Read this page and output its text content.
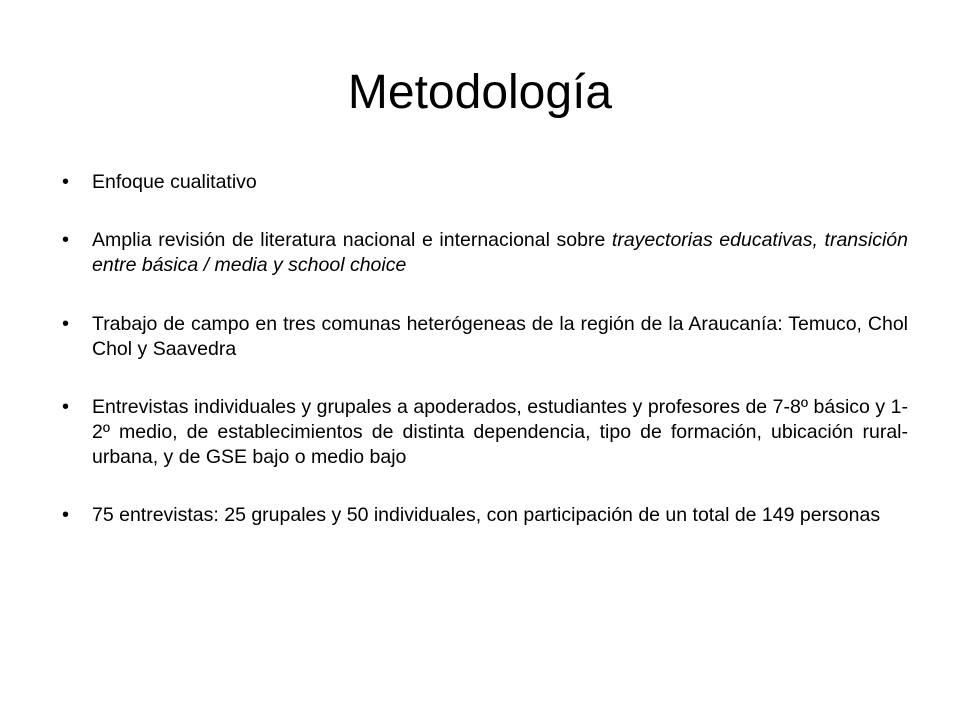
Metodología
•	Enfoque cualitativo
•	Amplia revisión de literatura nacional e internacional sobre trayectorias educativas, transición entre básica / media y school choice
•	Trabajo de campo en tres comunas heterógeneas de la región de la Araucanía: Temuco, Chol Chol y Saavedra
•	Entrevistas individuales y grupales a apoderados, estudiantes y profesores de 7-8º básico y 1-2º medio, de establecimientos de distinta dependencia, tipo de formación, ubicación rural-urbana, y de GSE bajo o medio bajo
•	75 entrevistas: 25 grupales y 50 individuales, con participación de un total de 149 personas
